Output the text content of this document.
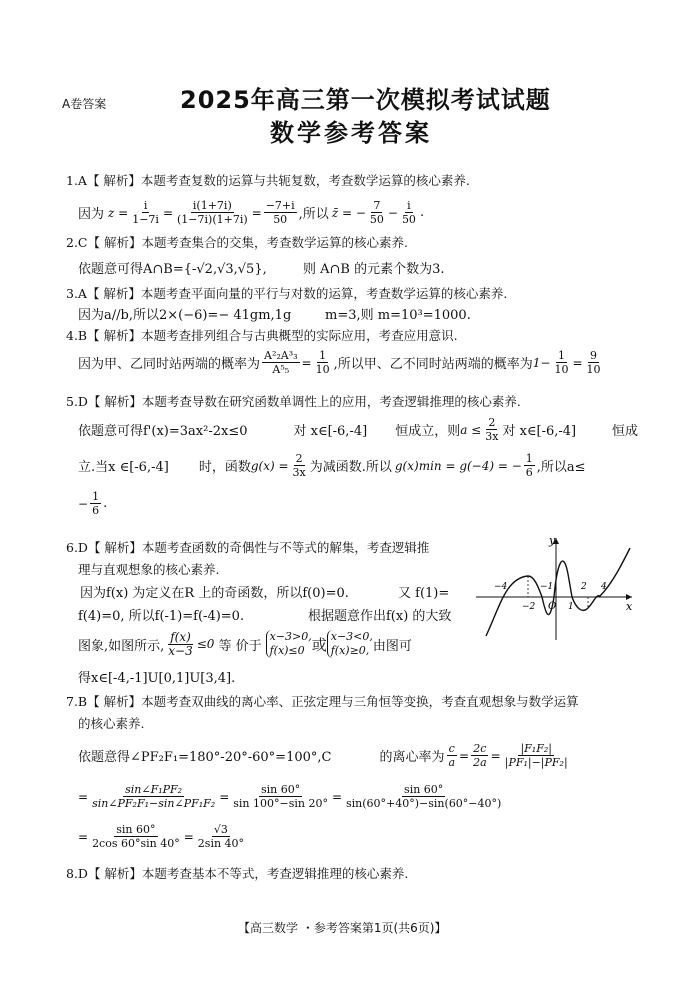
A卷答案	2025年高三第一次模拟考试试题
数学参考答案
1.A【 解析】本题考查复数的运算与共轭复数，考查数学运算的核心素养.
因为 $z = \frac{i}{1-7i} = \frac{i(1+7i)}{(1-7i)(1+7i)} = \frac{-7+i}{50}$ ,所以 z̄ = − $\frac{7}{50} - \frac{i}{50}$ .
2.C【 解析】本题考查集合的交集，考查数学运算的核心素养.
依题意可得A∩B={-√2,√3,√5},	则 A∩B 的元素个数为3.
3.A【 解析】本题考查平面向量的平行与对数的运算，考查数学运算的核心素养.
因为a//b,所以2×(−6)=− 41gm,1g	m=3,则 m=10³=1000.
4.B【 解析】本题考查排列组合与古典概型的实际应用，考查应用意识.
因为甲、乙同时站两端的概率为 $\frac{\text{A²₂A³₃}}{\text{A⁵₅}} = \frac{1}{10}$ ,所以甲、乙不同时站两端的概率为 $1- \frac{1}{10} = \frac{9}{10}$
5.D【 解析】本题考查导数在研究函数单调性上的应用，考查逻辑推理的核心素养.
依题意可得f'(x)=3ax²-2x≤0	对 x∈[-6,-4] 恒成立，则 $a \le \frac{2}{3x}$ 对 x∈[-6,-4]	恒成
立.当x ∈[-6,-4] 时，函数 $g(x) = \frac{2}{3x}$ 为减函数.所以 g(x)min = g(−4) = − $\frac{1}{6}$ ,所以a≤
− $\frac{1}{6}$ .
6.D【 解析】本题考查函数的奇偶性与不等式的解集，考查逻辑推
理与直观想象的核心素养.
因为f(x) 为定义在R 上的奇函数，所以f(0)=0.	又 f(1)=
f(4)=0, 所以f(-1)=f(-4)=0.	根据题意作出f(x) 的大致
图象,如图所示, $\frac{f(x)}{x-3} \le 0$ 等 价于
x−3>0,
f(x)≤0 或 x−3<0,
f(x)≥0, 由图可
得x∈[-4,-1]U[0,1]U[3,4].
y
x
O
−4
−2
−1
1
2 4
7.B【 解析】本题考查双曲线的离心率、正弦定理与三角恒等变换，考查直观想象与数学运算
的核心素养.
依题意得∠PF₂F₁=180°-20°-60°=100°,C	的离心率为 $\frac{c}{a} = \frac{2c}{2a} = \frac{\text{|F₁F₂|}}{\text{|PF₁|−|PF₂|}}$
= $\frac{\text{sin∠F₁PF₂}}{\text{sin∠PF₂F₁−sin∠PF₁F₂}} = \frac{\sin 60^\circ}{\sin 100^\circ-\sin 20^\circ} = \frac{\sin 60^\circ}{\sin(60^\circ+40^\circ)-\sin(60^\circ-40^\circ)}$
= $\frac{\sin 60^\circ}{2\cos 60^\circ\sin 40^\circ} = \frac{√3}{2\sin 40^\circ}$
8.D【 解析】本题考查基本不等式，考查逻辑推理的核心素养.
【高三数学 ・参考答案第1页(共6页)】
